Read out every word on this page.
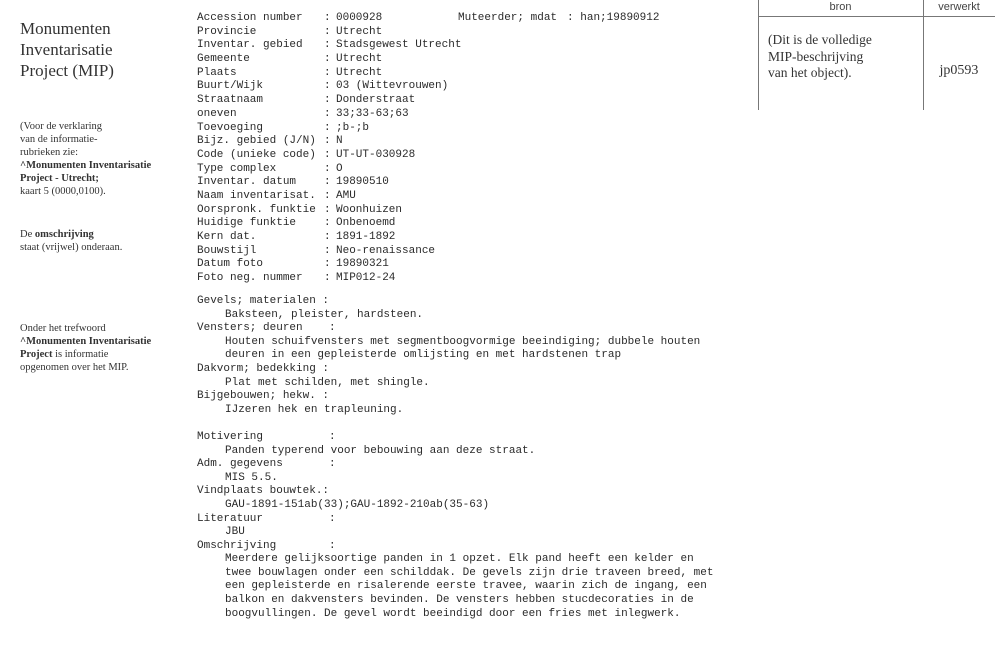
Monumenten
Inventarisatie
Project (MIP)
(Voor de verklaring
van de informatie-
rubrieken zie:
^Monumenten Inventarisatie
Project - Utrecht;
kaart 5 (0000,0100).
De omschrijving
staat (vrijwel) onderaan.
Onder het trefwoord
^Monumenten Inventarisatie
Project is informatie
opgenomen over het MIP.
Accession number : 0000928	Muteerder; mdat : han;19890912
Provincie	: Utrecht
Inventar. gebied : Stadsgewest Utrecht
Gemeente	: Utrecht
Plaats	: Utrecht
Buurt/Wijk	: 03 (Wittevrouwen)
Straatnaam	: Donderstraat
oneven	: 33;33-63;63
Toevoeging	: ;b-;b
Bijz. gebied (J/N) : N
Code (unieke code) : UT-UT-030928
Type complex	: O
Inventar. datum	: 19890510
Naam inventarisat. : AMU
Oorspronk. funktie : Woonhuizen
Huidige funktie	: Onbenoemd
Kern dat.	: 1891-1892
Bouwstijl	: Neo-renaissance
Datum foto	: 19890321
Foto neg. nummer : MIP012-24
Gevels; materialen :
Baksteen, pleister, hardsteen.
Vensters; deuren    :
Houten schuifvensters met segmentboogvormige beeindiging; dubbele houten
deuren in een gepleisterde omlijsting en met hardstenen trap
Dakvorm; bedekking :
Plat met schilden, met shingle.
Bijgebouwen; hekw. :
IJzeren hek en trapleuning.
Motivering          :
Panden typerend voor bebouwing aan deze straat.
Adm. gegevens       :
MIS 5.5.
Vindplaats bouwtek.:
GAU-1891-151ab(33);GAU-1892-210ab(35-63)
Literatuur          :
JBU
Omschrijving        :
Meerdere gelijksoortige panden in 1 opzet. Elk pand heeft een kelder en
twee bouwlagen onder een schilddak. De gevels zijn drie traveen breed, met
een gepleisterde en risalerende eerste travee, waarin zich de ingang, een
balkon en dakvensters bevinden. De vensters hebben stucdecoraties in de
boogvullingen. De gevel wordt beeindigd door een fries met inlegwerk.
bron	verwerkt
(Dit is de volledige
MIP-beschrijving
van het object).	jp0593
